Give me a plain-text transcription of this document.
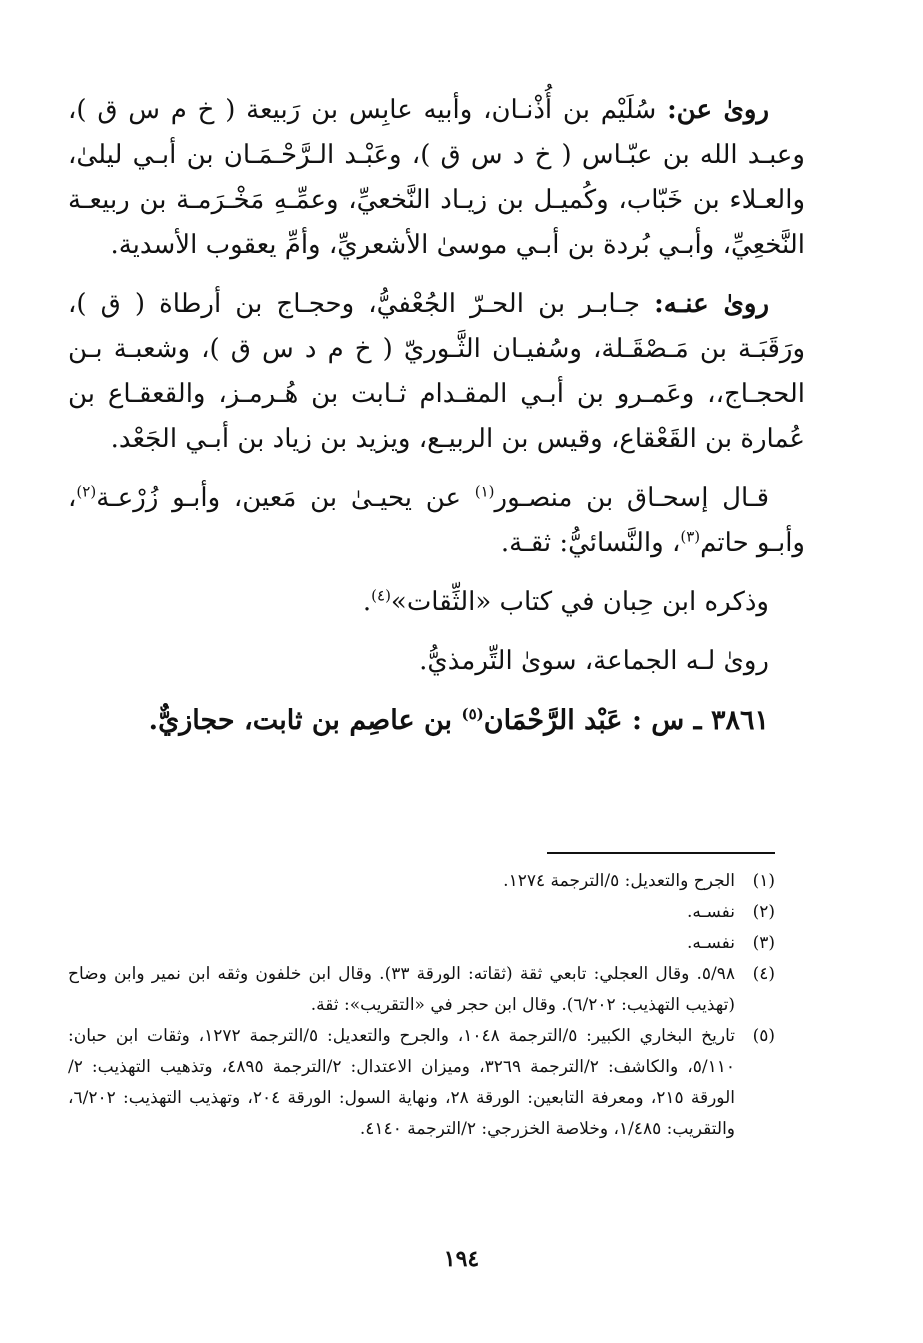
روىٰ عن: سُلَيْم بن أُذْنـان، وأبيه عابِس بن رَبيعة ( خ م س ق )، وعبـد الله بن عبّـاس ( خ د س ق )، وعَبْـد الـرَّحْـمَـان بن أبـي ليلىٰ، والعـلاء بن خَبّاب، وكُميـل بن زيـاد النَّخعيِّ، وعمِّـهِ مَخْـرَمـة بن ربيعـة النَّخعِيِّ، وأبـي بُردة بن أبـي موسىٰ الأشعريِّ، وأمِّ يعقوب الأسدية.

روىٰ عنـه: جـابـر بن الحـرّ الجُعْفيُّ، وحجـاج بن أرطاة ( ق )، ورَقَبَـة بن مَـصْقَـلة، وسُفيـان الثَّـوريّ ( خ م د س ق )، وشعبـة بـن الحجـاج،، وعَمـرو بن أبـي المقـدام ثـابت بن هُـرمـز، والقعقـاع بن عُمارة بن القَعْقاع، وقيس بن الربيـع، ويزيد بن زياد بن أبـي الجَعْد.

قـال إسحـاق بن منصـور$^{(١)}$ عن يحيـىٰ بن مَعين، وأبـو زُرْعـة$^{(٢)}$، وأبـو حاتم$^{(٣)}$، والنَّسائيُّ: ثقـة.

وذكره ابن حِبان في كتاب «الثِّقات»$^{(٤)}$.

روىٰ لـه الجماعة، سوىٰ التِّرمذيُّ.

٣٨٦١ ـ س : عَبْد الرَّحْمَان$^{(٥)}$ بن عاصِم بن ثابت، حجازيٌّ.

(١)
الجرح والتعديل: ٥/الترجمة ١٢٧٤.
(٢)
نفسـه.
(٣)
نفسـه.
(٤)
٥/٩٨. وقال العجلي: تابعي ثقة (ثقاته: الورقة ٣٣). وقال ابن خلفون وثقه ابن نمير وابن وضاح (تهذيب التهذيب: ٦/٢٠٢). وقال ابن حجر في «التقريب»: ثقة.
(٥)
تاريخ البخاري الكبير: ٥/الترجمة ١٠٤٨، والجرح والتعديل: ٥/الترجمة ١٢٧٢، وثقات ابن حبان: ٥/١١٠، والكاشف: ٢/الترجمة ٣٢٦٩، وميزان الاعتدال: ٢/الترجمة ٤٨٩٥، وتذهيب التهذيب: ٢/الورقة ٢١٥، ومعرفة التابعين: الورقة ٢٨، ونهاية السول: الورقة ٢٠٤، وتهذيب التهذيب: ٦/٢٠٢، والتقريب: ١/٤٨٥، وخلاصة الخزرجي: ٢/الترجمة ٤١٤٠.
١٩٤
